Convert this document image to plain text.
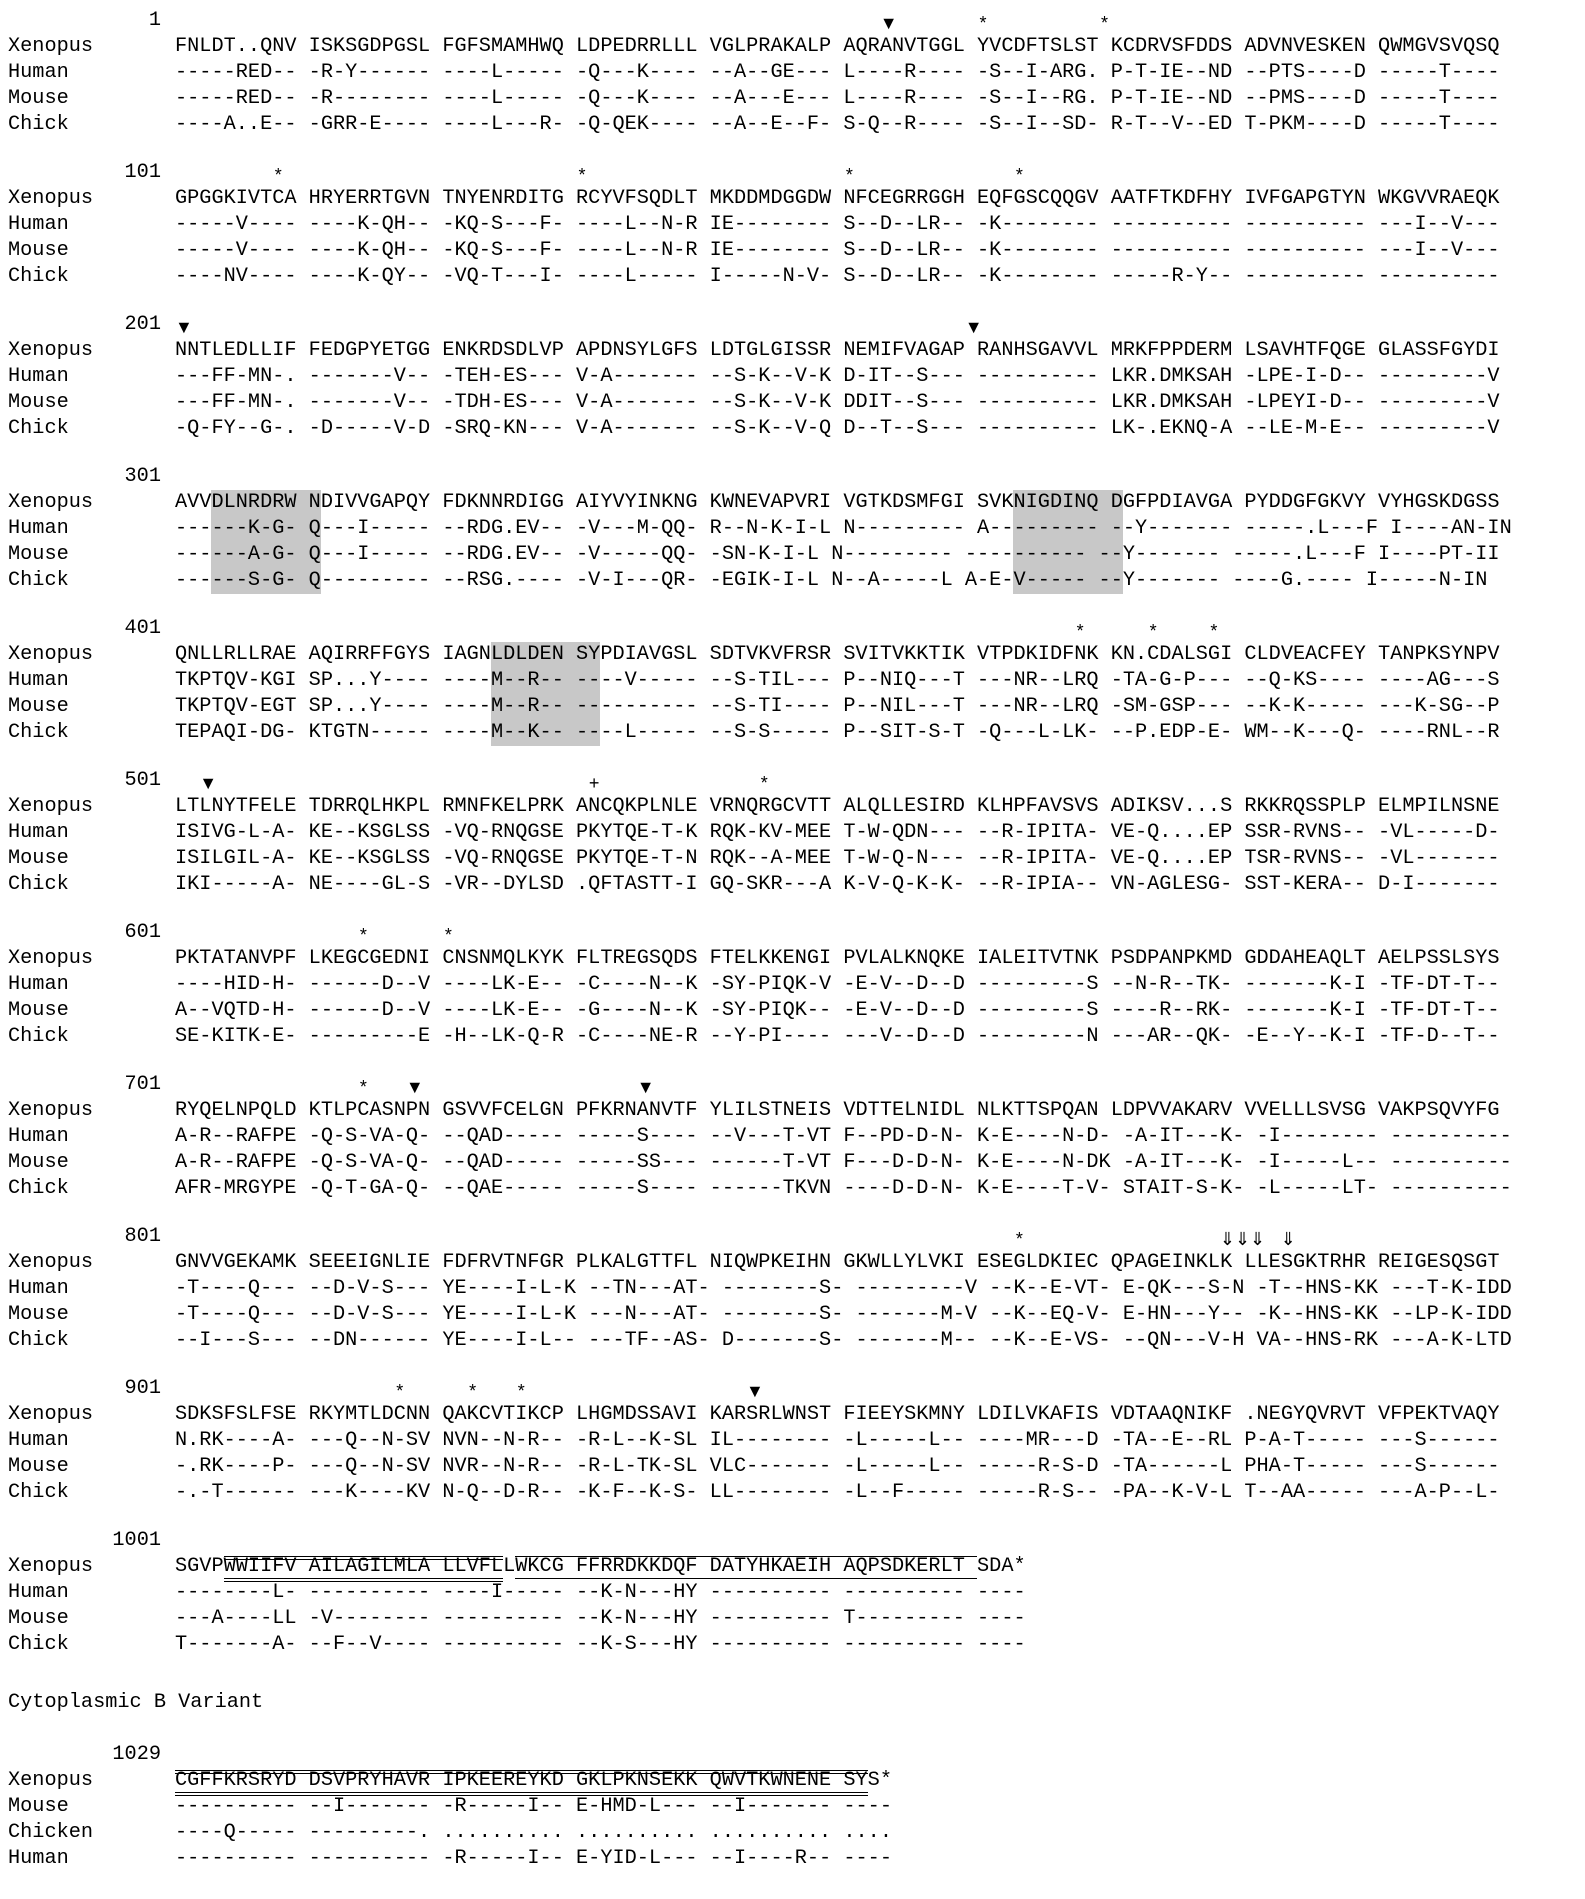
1	▼	*	*
Xenopus	FNLDT..QNV ISKSGDPGSL FGFSMAMHWQ LDPEDRRLLL VGLPRAKALP AQRANVTGGL YVCDFTSLST KCDRVSFDDS ADVNVESKEN QWMGVSVQSQ
Human	-----RED-- -R-Y------ ----L----- -Q---K---- --A--GE--- L----R---- -S--I-ARG. P-T-IE--ND --PTS----D -----T----
Mouse	-----RED-- -R-------- ----L----- -Q---K---- --A---E--- L----R---- -S--I--RG. P-T-IE--ND --PMS----D -----T----
Chick	----A..E-- -GRR-E---- ----L---R- -Q-QEK---- --A--E--F- S-Q--R---- -S--I--SD- R-T--V--ED T-PKM----D -----T----
101	*	*	*	*
Xenopus	GPGGKIVTCA HRYERRTGVN TNYENRDITG RCYVFSQDLT MKDDMDGGDW NFCEGRRGGH EQFGSCQQGV AATFTKDFHY IVFGAPGTYN WKGVVRAEQK
Human	-----V---- ----K-QH-- -KQ-S---F- ----L--N-R IE-------- S--D--LR-- -K-------- ---------- ---------- ---I--V---
Mouse	-----V---- ----K-QH-- -KQ-S---F- ----L--N-R IE-------- S--D--LR-- -K-------- ---------- ---------- ---I--V---
Chick	----NV---- ----K-QY-- -VQ-T---I- ----L----- I-----N-V- S--D--LR-- -K-------- -----R-Y-- ---------- ----------
201 ▼	▼
Xenopus	NNTLEDLLIF FEDGPYETGG ENKRDSDLVP APDNSYLGFS LDTGLGISSR NEMIFVAGAP RANHSGAVVL MRKFPPDERM LSAVHTFQGE GLASSFGYDI
Human	---FF-MN-. -------V-- -TEH-ES--- V-A------- --S-K--V-K D-IT--S--- ---------- LKR.DMKSAH -LPE-I-D-- ---------V
Mouse	---FF-MN-. -------V-- -TDH-ES--- V-A------- --S-K--V-K DDIT--S--- ---------- LKR.DMKSAH -LPEYI-D-- ---------V
Chick	-Q-FY--G-. -D-----V-D -SRQ-KN--- V-A------- --S-K--V-Q D--T--S--- ---------- LK-.EKNQ-A --LE-M-E-- ---------V
301
Xenopus	AVVDLNRDRW NDIVVGAPQY FDKNNRDIGG AIYVYINKNG KWNEVAPVRI VGTKDSMFGI SVKNIGDINQ DGFPDIAVGA PYDDGFGKVY VYHGSKDGSS
Human	------K-G- Q---I----- --RDG.EV-- -V---M-QQ- R--N-K-I-L N--------- A--------- --Y------- -----.L---F I----AN-IN
Mouse	------A-G- Q---I----- --RDG.EV-- -V-----QQ- -SN-K-I-L N--------- ---------- --Y------- -----.L---F I----PT-II
Chick	------S-G- Q--------- --RSG.---- -V-I---QR- -EGIK-I-L N--A-----L A-E-V----- --Y------- ----G.---- I-----N-IN
401	*	*	*
Xenopus	QNLLRLLRAE AQIRRFFGYS IAGNLDLDEN SYPDIAVGSL SDTVKVFRSR SVITVKKTIK VTPDKIDFNK KN.CDALSGI CLDVEACFEY TANPKSYNPV
Human	TKPTQV-KGI SP...Y---- ----M--R-- ----V----- --S-TIL--- P--NIQ---T ---NR--LRQ -TA-G-P--- --Q-KS---- ----AG---S
Mouse	TKPTQV-EGT SP...Y---- ----M--R-- ---------- --S-TI---- P--NIL---T ---NR--LRQ -SM-GSP--- --K-K----- ---K-SG--P
Chick	TEPAQI-DG- KTGTN----- ----M--K-- ----L----- --S-S----- P--SIT-S-T -Q---L-LK- --P.EDP-E- WM--K---Q- ----RNL--R
501 ▼	+	*
Xenopus	LTLNYTFELE TDRRQLHKPL RMNFKELPRK ANCQKPLNLE VRNQRGCVTT ALQLLESIRD KLHPFAVSVS ADIKSV...S RKKRQSSPLP ELMPILNSNE
Human	ISIVG-L-A- KE--KSGLSS -VQ-RNQGSE PKYTQE-T-K RQK-KV-MEE T-W-QDN--- --R-IPITA- VE-Q....EP SSR-RVNS-- -VL-----D-
Mouse	ISILGIL-A- KE--KSGLSS -VQ-RNQGSE PKYTQE-T-N RQK--A-MEE T-W-Q-N--- --R-IPITA- VE-Q....EP TSR-RVNS-- -VL-------
Chick	IKI-----A- NE----GL-S -VR--DYLSD .QFTASTT-I GQ-SKR---A K-V-Q-K-K- --R-IPIA-- VN-AGLESG- SST-KERA-- D-I-------
601	*	*
Xenopus	PKTATANVPF LKEGCGEDNI CNSNMQLKYK FLTREGSQDS FTELKKENGI PVLALKNQKE IALEITVTNK PSDPANPKMD GDDAHEAQLT AELPSSLSYS
Human	----HID-H- ------D--V ----LK-E-- -C----N--K -SY-PIQK-V -E-V--D--D ---------S --N-R--TK- -------K-I -TF-DT-T--
Mouse	A--VQTD-H- ------D--V ----LK-E-- -G----N--K -SY-PIQK-- -E-V--D--D ---------S ----R--RK- -------K-I -TF-DT-T--
Chick	SE-KITK-E- ---------E -H--LK-Q-R -C----NE-R --Y-PI---- ---V--D--D ---------N ---AR--QK- -E--Y--K-I -TF-D--T--
701	* ▼	▼
Xenopus	RYQELNPQLD KTLPCASNPN GSVVFCELGN PFKRNANVTF YLILSTNEIS VDTTELNIDL NLKTTSPQAN LDPVVAKARV VVELLLSVSG VAKPSQVYFG
Human	A-R--RAFPE -Q-S-VA-Q- --QAD----- -----S---- --V---T-VT F--PD-D-N- K-E----N-D- -A-IT---K- -I-------- ----------
Mouse	A-R--RAFPE -Q-S-VA-Q- --QAD----- -----SS--- ------T-VT F---D-D-N- K-E----N-DK -A-IT---K- -I-----L-- ----------
Chick	AFR-MRGYPE -Q-T-GA-Q- --QAE----- -----S---- ------TKVN ----D-D-N- K-E----T-V- STAIT-S-K- -L-----LT- ----------
801	*	⇓⇓⇓ ⇓
Xenopus	GNVVGEKAMK SEEEIGNLIE FDFRVTNFGR PLKALGTTFL NIQWPKEIHN GKWLLYLVKI ESEGLDKIEC QPAGEINKLK LLESGKTRHR REIGESQSGT
Human	-T----Q--- --D-V-S--- YE----I-L-K --TN---AT- --------S- ---------V --K--E-VT- E-QK---S-N -T--HNS-KK ---T-K-IDD
Mouse	-T----Q--- --D-V-S--- YE----I-L-K ---N---AT- --------S- -------M-V --K--EQ-V- E-HN---Y-- -K--HNS-KK --LP-K-IDD
Chick	--I---S--- --DN------ YE----I-L-- ---TF--AS- D-------S- -------M-- --K--E-VS- --QN---V-H VA--HNS-RK ---A-K-LTD
901	*	* *	▼
Xenopus	SDKSFSLFSE RKYMTLDCNN QAKCVTIKCP LHGMDSSAVI KARSRLWNST FIEEYSKMNY LDILVKAFIS VDTAAQNIKF .NEGYQVRVT VFPEKTVAQY
Human	N.RK----A- ---Q--N-SV NVN--N-R-- -R-L--K-SL IL-------- -L-----L-- ----MR---D -TA--E--RL P-A-T----- ---S------
Mouse	-.RK----P- ---Q--N-SV NVR--N-R-- -R-L-TK-SL VLC------- -L-----L-- -----R-S-D -TA------L PHA-T----- ---S------
Chick	-.-T------ ---K----KV N-Q--D-R-- -K-F--K-S- LL-------- -L--F----- -----R-S-- -PA--K-V-L T--AA----- ---A-P--L-
1001
Xenopus	SGVPWWIIFV AILAGILMLA LLVFLLWKCG FFRRDKKDQF DATYHKAEIH AQPSDKERLT SDA*
Human	--------L- ---------- ----I----- --K-N---HY ---------- ---------- ----
Mouse	---A----LL -V-------- ---------- --K-N---HY ---------- T--------- ----
Chick	T-------A- --F--V---- ---------- --K-S---HY ---------- ---------- ----
Cytoplasmic B Variant
1029
Xenopus	CGFFKRSRYD DSVPRYHAVR IPKEEREYKD GKLPKNSEKK QWVTKWNENE SYS*
Mouse	---------- --I------- -R-----I-- E-HMD-L--- --I------- ----
Chicken	----Q----- ---------. .......... .......... .......... ....
Human	---------- ---------- -R-----I-- E-YID-L--- --I----R-- ----
